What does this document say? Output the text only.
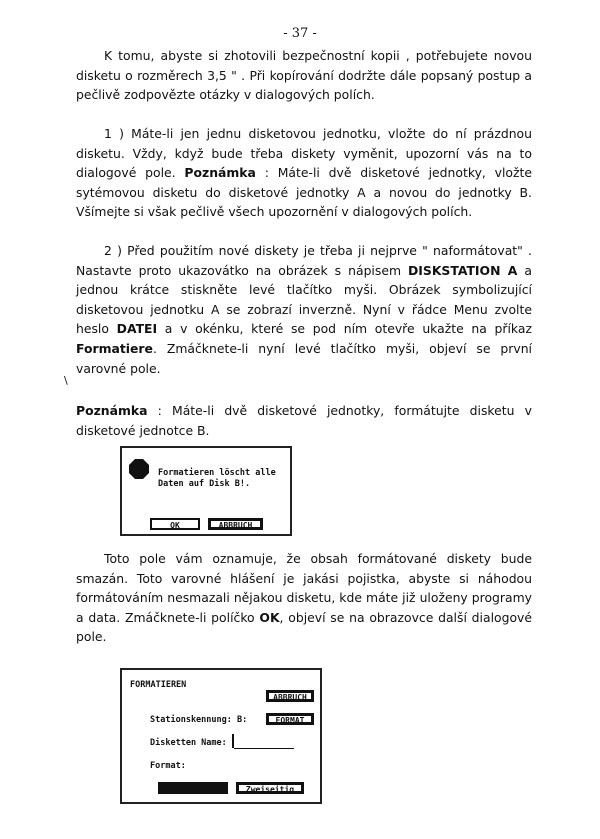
- 37 -

K tomu, abyste si zhotovili bezpečnostní kopii , potřebujete novou disketu o rozměrech 3,5 " . Při kopírování dodržte dále popsaný postup a pečlivě zodpovězte otázky v dialogových polích.

1 ) Máte-li jen jednu disketovou jednotku, vložte do ní prázdnou disketu. Vždy, když bude třeba diskety vyměnit, upozorní vás na to dialogové pole. Poznámka : Máte-li dvě disketové jednotky, vložte sytémovou disketu do disketové jednotky A a novou do jednotky B. Všímejte si však pečlivě všech upozornění v dialogových polích.

2 ) Před použitím nové diskety je třeba ji nejprve " naformátovat" . Nastavte proto ukazovátko na obrázek s nápisem DISKSTATION A a jednou krátce stiskněte levé tlačítko myši. Obrázek symbolizující disketovou jednotku A se zobrazí inverzně. Nyní v řádce Menu zvolte heslo DATEI a v okénku, které se pod ním otevře ukažte na příkaz Formatiere. Zmáčknete-li nyní levé tlačítko myši, objeví se první varovné pole.

\

Poznámka : Máte-li dvě disketové jednotky, formátujte disketu v disketové jednotce B.

Formatieren löscht alle
Daten auf Disk B!.
OK	ABBRUCH

Toto pole vám oznamuje, že obsah formátované diskety bude smazán. Toto varovné hlášení je jakási pojistka, abyste si náhodou formátováním nesmazali nějakou disketu, kde máte již uloženy programy a data. Zmáčknete-li políčko OK, objeví se na obrazovce další dialogové pole.

FORMATIEREN
ABBRUCH
Stationskennung: B:	FORMAT
Disketten Name:
Format:
Zweiseitig
